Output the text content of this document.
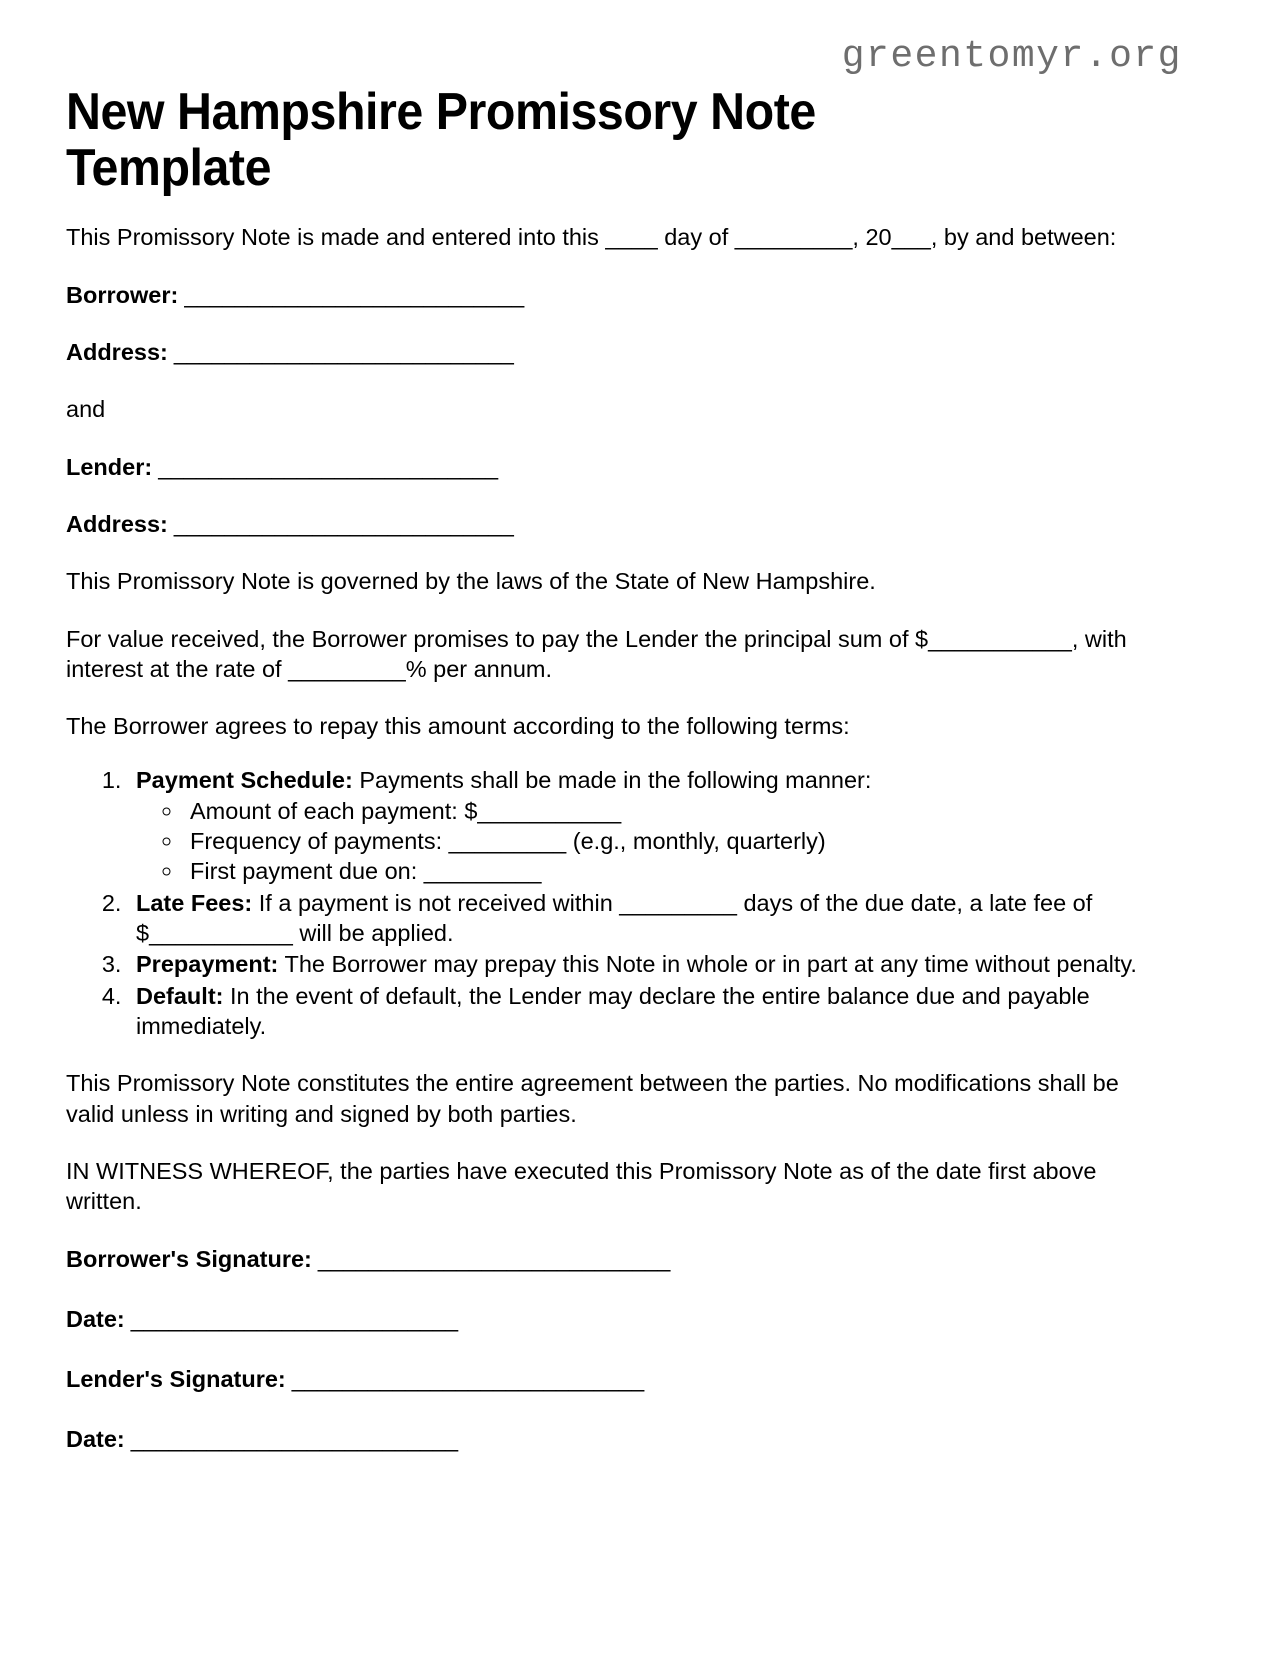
greentomyr.org
New Hampshire Promissory Note Template

This Promissory Note is made and entered into this ____ day of _________, 20___, by and between:

Borrower: ___________________________

Address: ___________________________

and

Lender: ___________________________

Address: ___________________________

This Promissory Note is governed by the laws of the State of New Hampshire.

For value received, the Borrower promises to pay the Lender the principal sum of $___________, with interest at the rate of _________% per annum.

The Borrower agrees to repay this amount according to the following terms:

1. Payment Schedule: Payments shall be made in the following manner:
◦ Amount of each payment: $___________
◦ Frequency of payments: _________ (e.g., monthly, quarterly)
◦ First payment due on: _________
2. Late Fees: If a payment is not received within _________ days of the due date, a late fee of $___________ will be applied.
3. Prepayment: The Borrower may prepay this Note in whole or in part at any time without penalty.
4. Default: In the event of default, the Lender may declare the entire balance due and payable immediately.

This Promissory Note constitutes the entire agreement between the parties. No modifications shall be valid unless in writing and signed by both parties.

IN WITNESS WHEREOF, the parties have executed this Promissory Note as of the date first above written.

Borrower's Signature: ____________________________

Date: __________________________

Lender's Signature: ____________________________

Date: __________________________
